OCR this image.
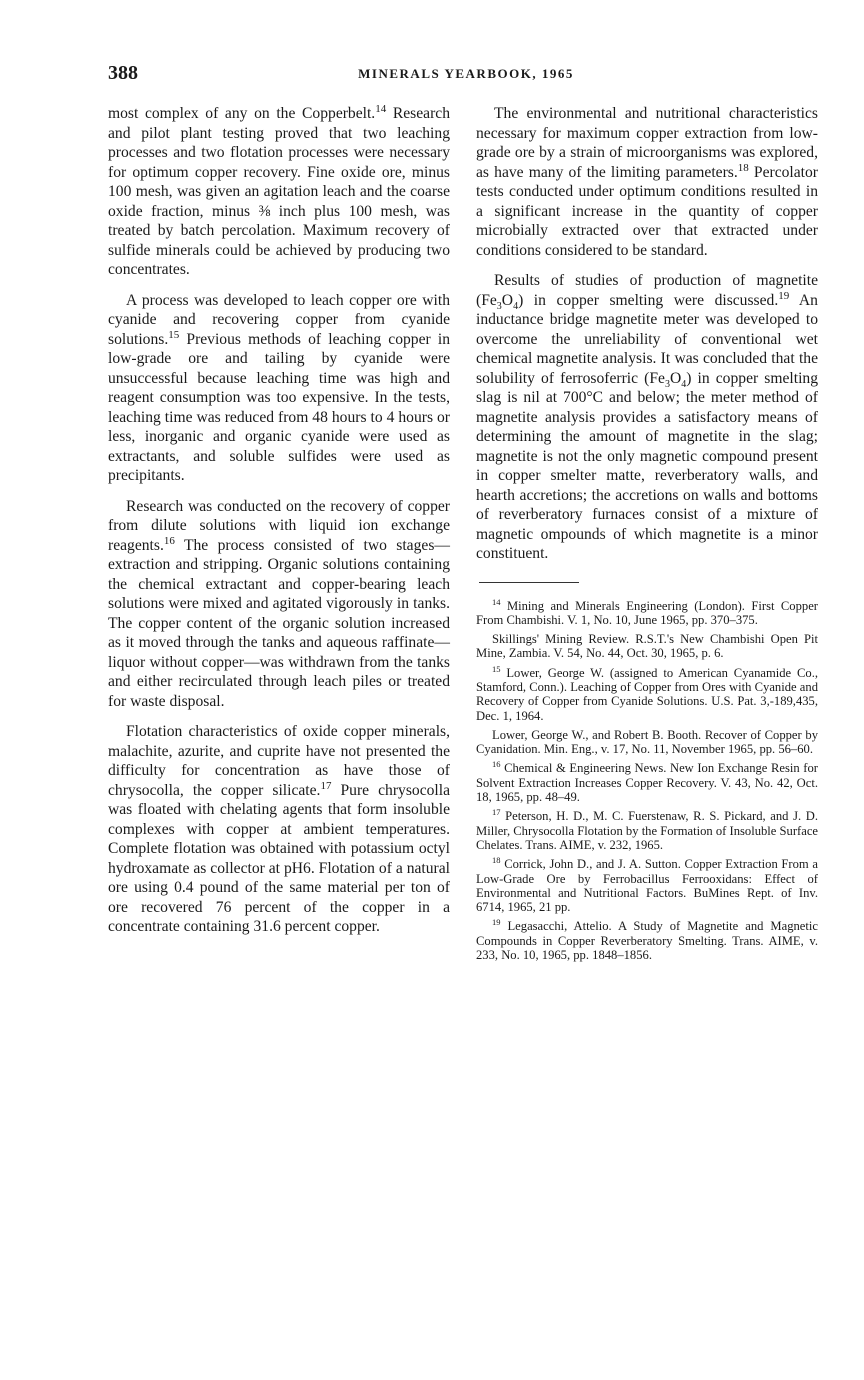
388	MINERALS YEARBOOK, 1965

most complex of any on the Copperbelt.$^{14}$ Research and pilot plant testing proved that two leaching processes and two flotation processes were necessary for optimum copper recovery. Fine oxide ore, minus 100 mesh, was given an agitation leach and the coarse oxide fraction, minus ⅜ inch plus 100 mesh, was treated by batch percolation. Maximum recovery of sulfide minerals could be achieved by producing two concentrates.

A process was developed to leach copper ore with cyanide and recovering copper from cyanide solutions.$^{15}$ Previous methods of leaching copper in low-grade ore and tailing by cyanide were unsuccessful because leaching time was high and reagent consumption was too expensive. In the tests, leaching time was reduced from 48 hours to 4 hours or less, inorganic and organic cyanide were used as extractants, and soluble sulfides were used as precipitants.

Research was conducted on the recovery of copper from dilute solutions with liquid ion exchange reagents.$^{16}$ The process consisted of two stages—extraction and stripping. Organic solutions containing the chemical extractant and copper-bearing leach solutions were mixed and agitated vigorously in tanks. The copper content of the organic solution increased as it moved through the tanks and aqueous raffinate—liquor without copper—was withdrawn from the tanks and either recirculated through leach piles or treated for waste disposal.

Flotation characteristics of oxide copper minerals, malachite, azurite, and cuprite have not presented the difficulty for concentration as have those of chrysocolla, the copper silicate.$^{17}$ Pure chrysocolla was floated with chelating agents that form insoluble complexes with copper at ambient temperatures. Complete flotation was obtained with potassium octyl hydroxamate as collector at pH6. Flotation of a natural ore using 0.4 pound of the same material per ton of ore recovered 76 percent of the copper in a concentrate containing 31.6 percent copper.

The environmental and nutritional characteristics necessary for maximum copper extraction from low-grade ore by a strain of microorganisms was explored, as have many of the limiting parameters.$^{18}$ Percolator tests conducted under optimum conditions resulted in a significant increase in the quantity of copper microbially extracted over that extracted under conditions considered to be standard.

Results of studies of production of magnetite $(Fe_3O_4)$ in copper smelting were discussed.$^{19}$ An inductance bridge magnetite meter was developed to overcome the unreliability of conventional wet chemical magnetite analysis. It was concluded that the solubility of ferrosoferric $(Fe_3O_4)$ in copper smelting slag is nil at 700°C and below; the meter method of magnetite analysis provides a satisfactory means of determining the amount of magnetite in the slag; magnetite is not the only magnetic compound present in copper smelter matte, reverberatory walls, and hearth accretions; the accretions on walls and bottoms of reverberatory furnaces consist of a mixture of magnetic ompounds of which magnetite is a minor constituent.

$^{14}$ Mining and Minerals Engineering (London). First Copper From Chambishi. V. 1, No. 10, June 1965, pp. 370–375.

Skillings' Mining Review. R.S.T.'s New Chambishi Open Pit Mine, Zambia. V. 54, No. 44, Oct. 30, 1965, p. 6.

$^{15}$ Lower, George W. (assigned to American Cyanamide Co., Stamford, Conn.). Leaching of Copper from Ores with Cyanide and Recovery of Copper from Cyanide Solutions. U.S. Pat. 3,-189,435, Dec. 1, 1964.

Lower, George W., and Robert B. Booth. Recover of Copper by Cyanidation. Min. Eng., v. 17, No. 11, November 1965, pp. 56–60.

$^{16}$ Chemical & Engineering News. New Ion Exchange Resin for Solvent Extraction Increases Copper Recovery. V. 43, No. 42, Oct. 18, 1965, pp. 48–49.

$^{17}$ Peterson, H. D., M. C. Fuerstenaw, R. S. Pickard, and J. D. Miller, Chrysocolla Flotation by the Formation of Insoluble Surface Chelates. Trans. AIME, v. 232, 1965.

$^{18}$ Corrick, John D., and J. A. Sutton. Copper Extraction From a Low-Grade Ore by Ferrobacillus Ferrooxidans: Effect of Environmental and Nutritional Factors. BuMines Rept. of Inv. 6714, 1965, 21 pp.

$^{19}$ Legasacchi, Attelio. A Study of Magnetite and Magnetic Compounds in Copper Reverberatory Smelting. Trans. AIME, v. 233, No. 10, 1965, pp. 1848–1856.
